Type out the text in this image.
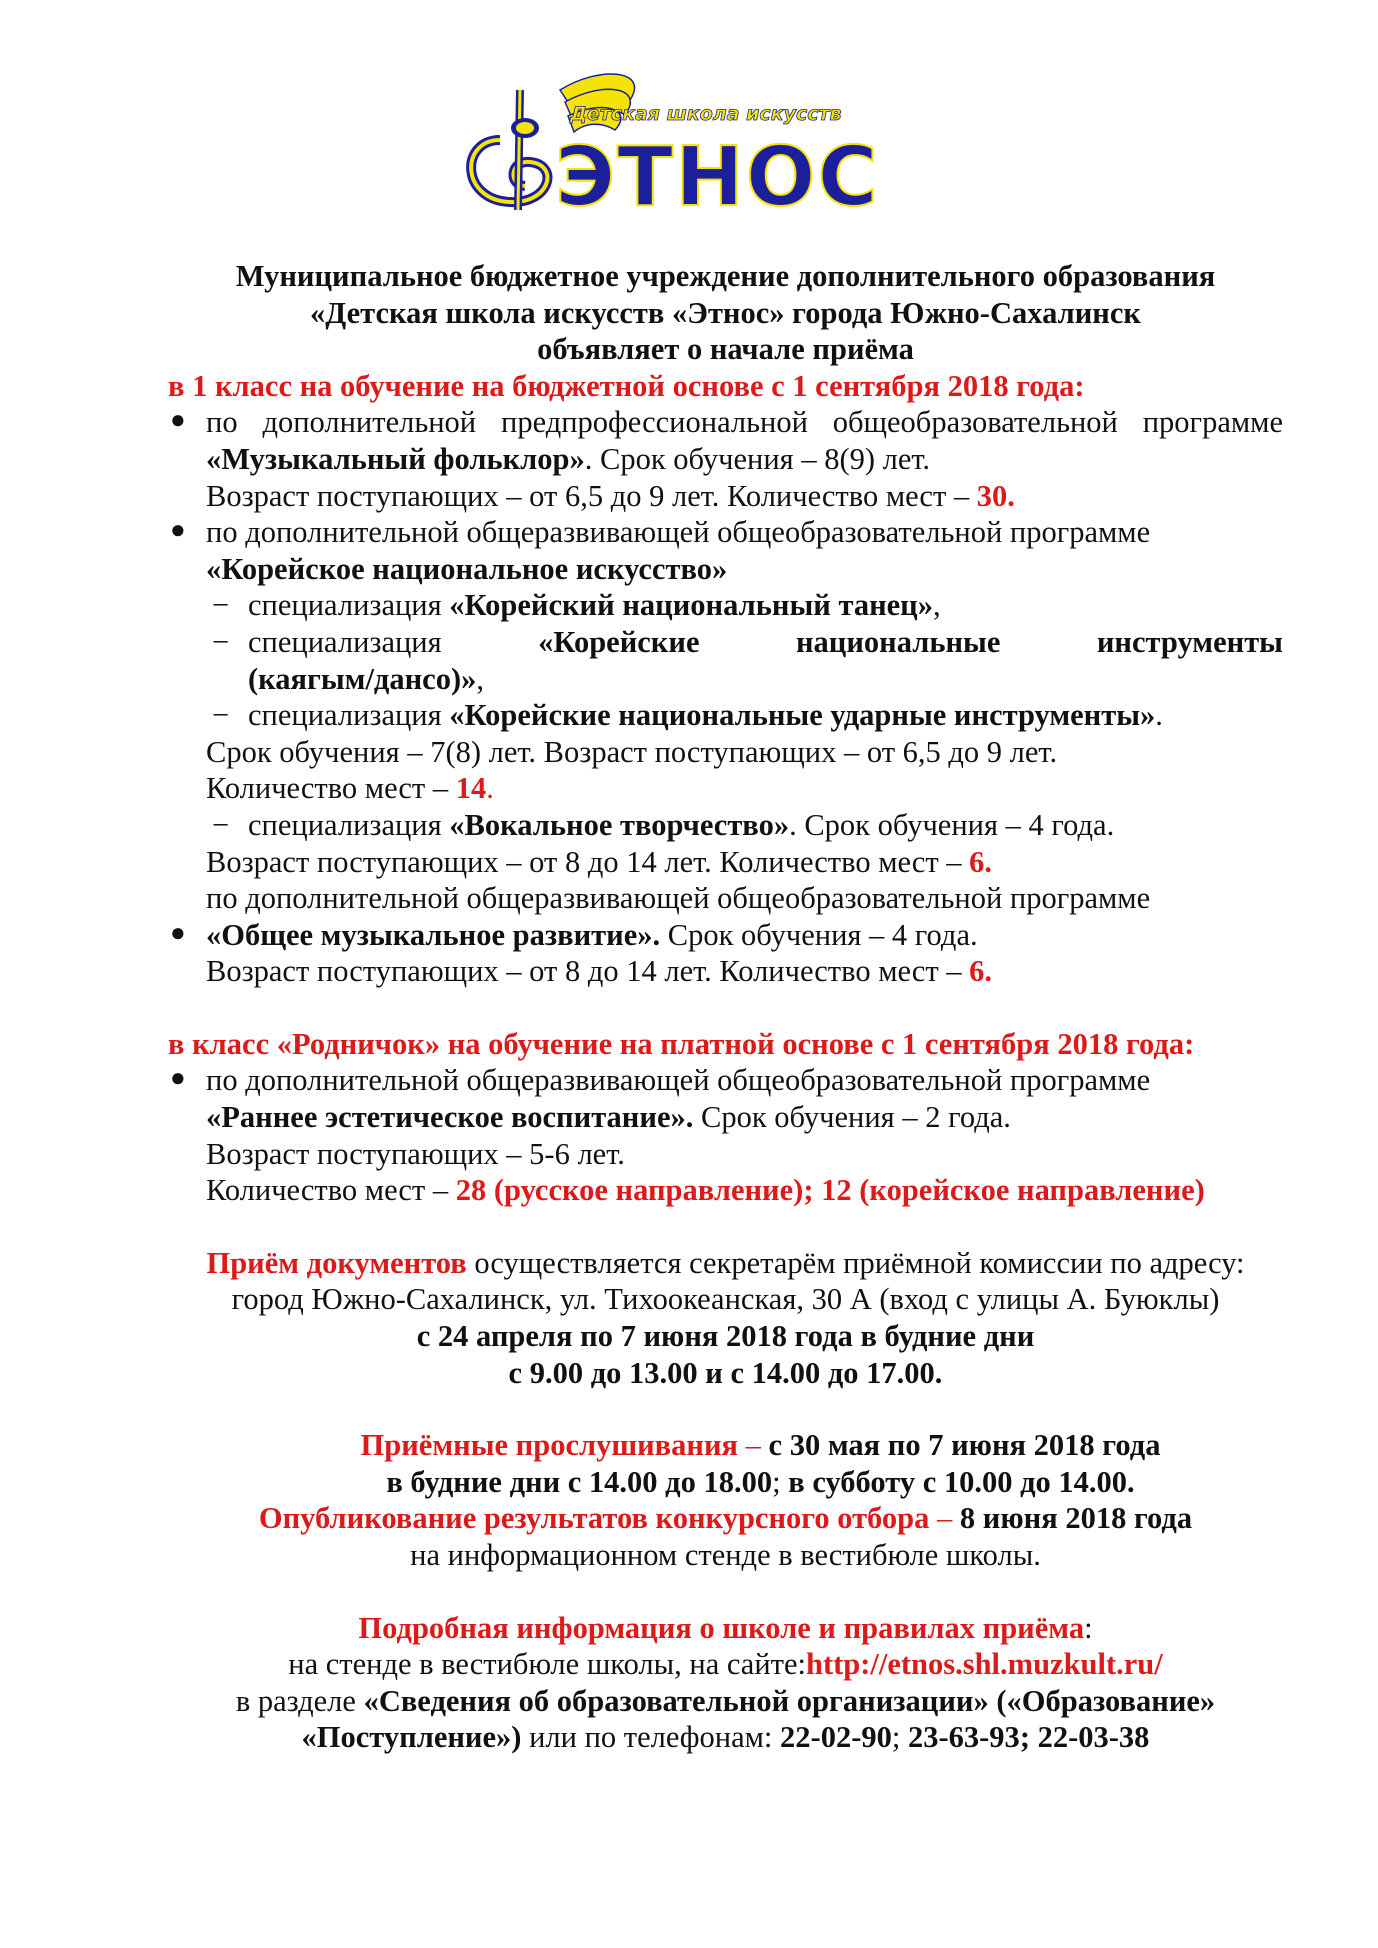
Детская школа искусств
ЭТНОС
Муниципальное бюджетное учреждение дополнительного образования
«Детская школа искусств «Этнос» города Южно-Сахалинск
объявляет о начале приёма
в 1 класс на обучение на бюджетной основе с 1 сентября 2018 года:
● по дополнительной предпрофессиональной общеобразовательной программе
«Музыкальный фольклор». Срок обучения – 8(9) лет.
Возраст поступающих – от 6,5 до 9 лет. Количество мест – 30.
● по дополнительной общеразвивающей общеобразовательной программе
«Корейское национальное искусство»
− специализация «Корейский национальный танец»,
− специализация	«Корейские	национальные	инструменты
(каягым/дансо)»,
− специализация «Корейские национальные ударные инструменты».
Срок обучения – 7(8) лет. Возраст поступающих – от 6,5 до 9 лет.
Количество мест – 14.
− специализация «Вокальное творчество». Срок обучения – 4 года.
Возраст поступающих – от 8 до 14 лет. Количество мест – 6.
по дополнительной общеразвивающей общеобразовательной программе
● «Общее музыкальное развитие». Срок обучения – 4 года.
Возраст поступающих – от 8 до 14 лет. Количество мест – 6.
в класс «Родничок» на обучение на платной основе с 1 сентября 2018 года:
● по дополнительной общеразвивающей общеобразовательной программе
«Раннее эстетическое воспитание». Срок обучения – 2 года.
Возраст поступающих – 5-6 лет.
Количество мест – 28 (русское направление); 12 (корейское направление)
Приём документов осуществляется секретарём приёмной комиссии по адресу:
город Южно-Сахалинск, ул. Тихоокеанская, 30 А (вход с улицы А. Буюклы)
с 24 апреля по 7 июня 2018 года в будние дни
с 9.00 до 13.00 и с 14.00 до 17.00.
Приёмные прослушивания – с 30 мая по 7 июня 2018 года
в будние дни с 14.00 до 18.00; в субботу с 10.00 до 14.00.
Опубликование результатов конкурсного отбора – 8 июня 2018 года
на информационном стенде в вестибюле школы.
Подробная информация о школе и правилах приёма:
на стенде в вестибюле школы, на сайте:http://etnos.shl.muzkult.ru/
в разделе «Сведения об образовательной организации» («Образование»
«Поступление») или по телефонам: 22-02-90; 23-63-93; 22-03-38
